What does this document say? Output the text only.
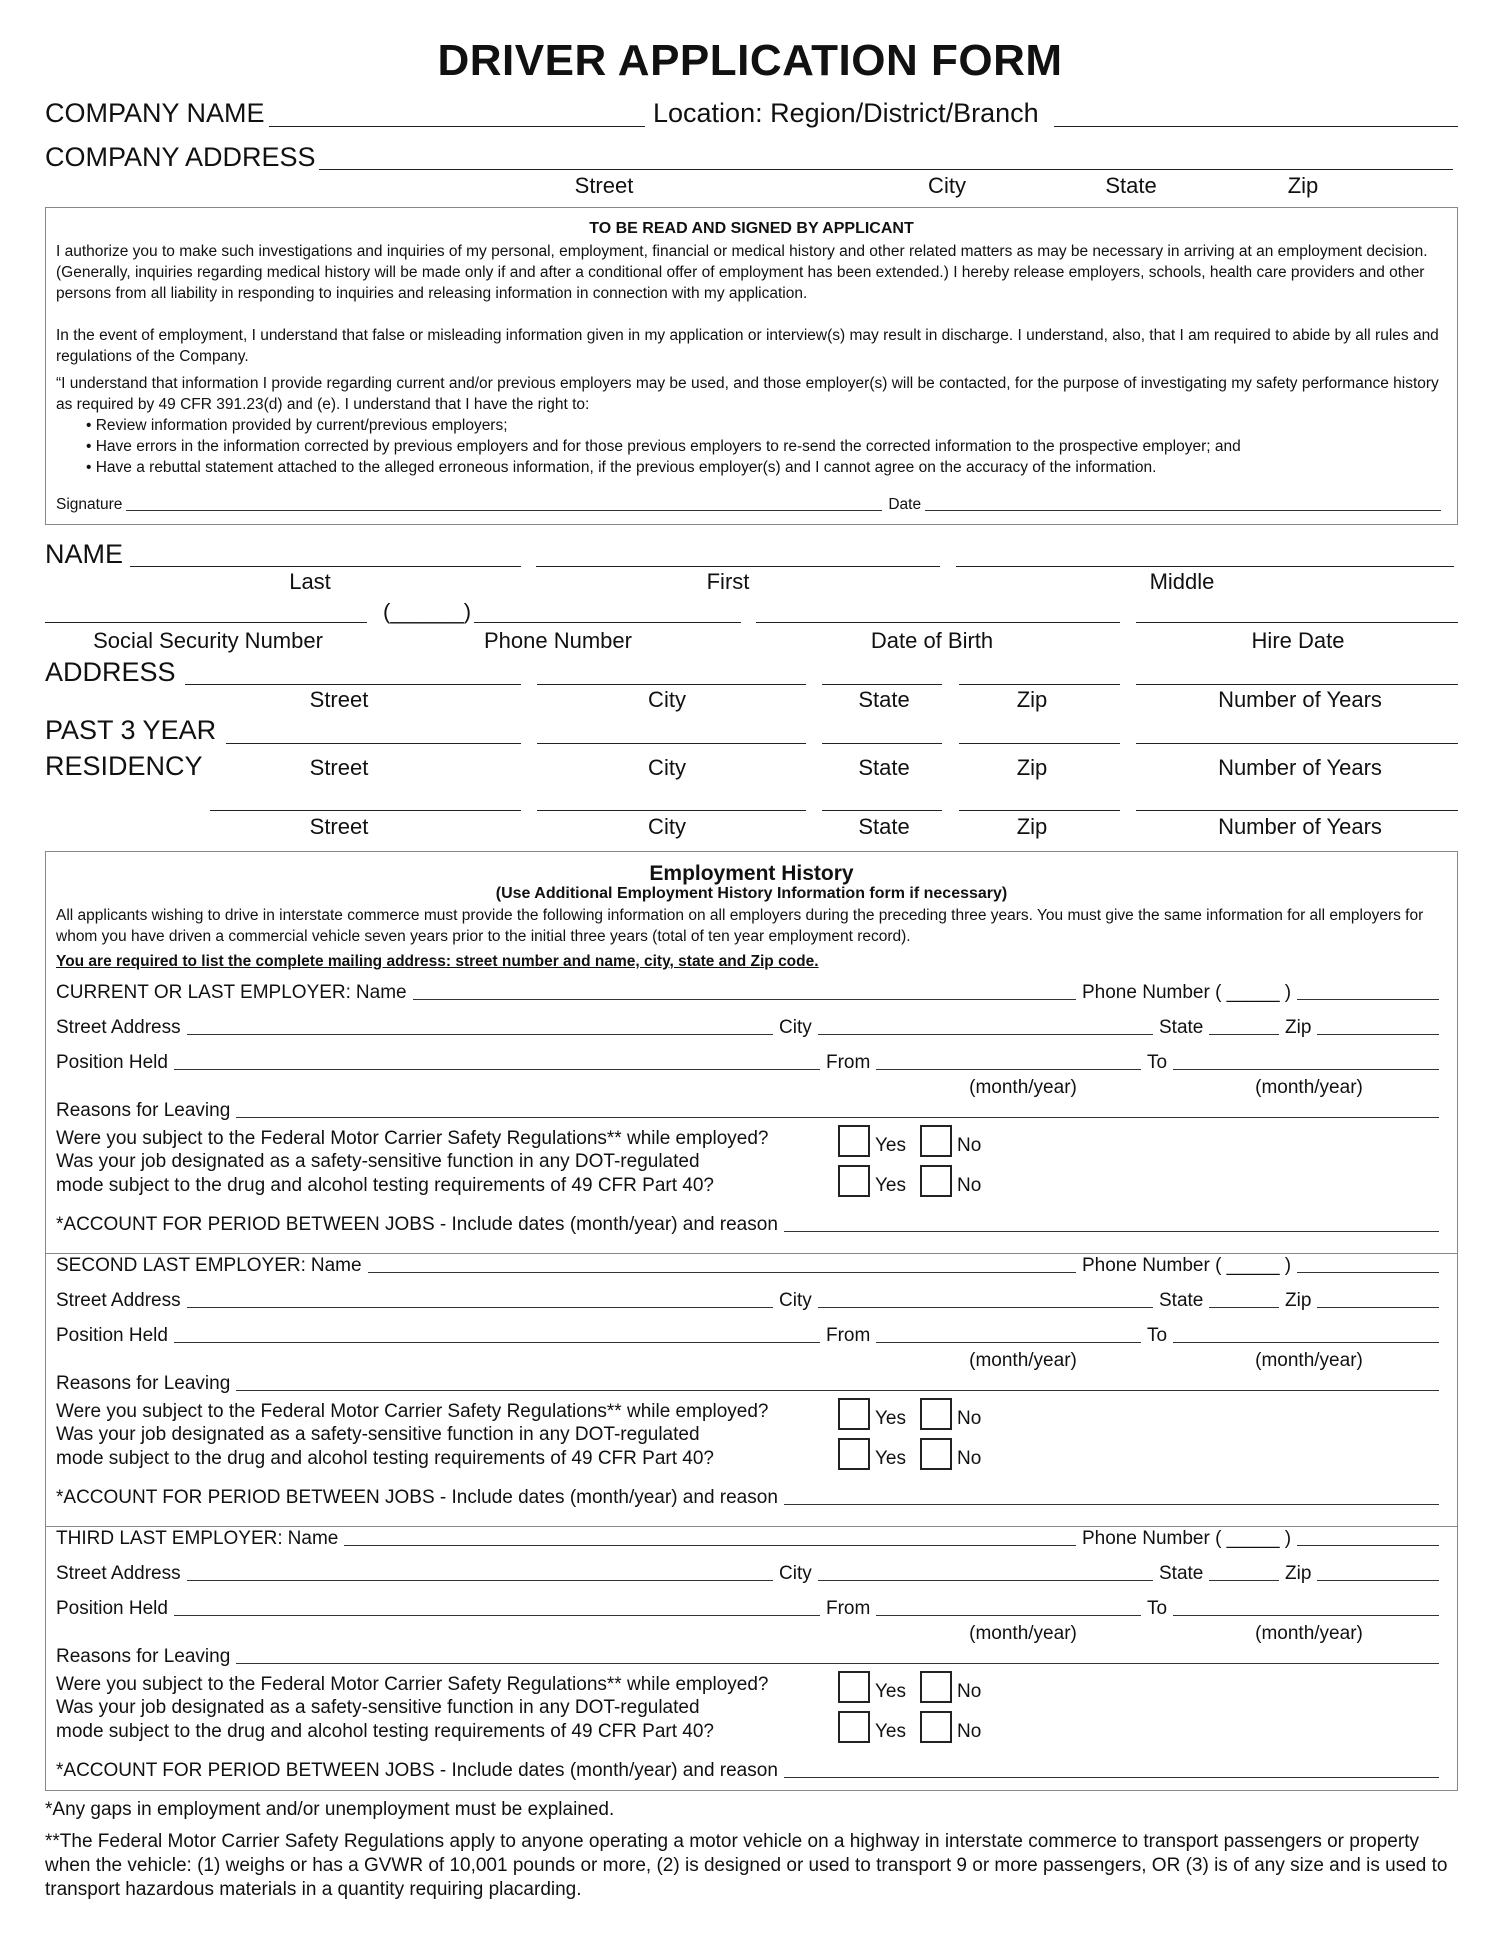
DRIVER APPLICATION FORM
COMPANY NAME	Location: Region/District/Branch
COMPANY ADDRESS
Street	City	State	Zip
TO BE READ AND SIGNED BY APPLICANT

I authorize you to make such investigations and inquiries of my personal, employment, financial or medical history and other related matters as may be necessary in arriving at an employment decision. (Generally, inquiries regarding medical history will be made only if and after a conditional offer of employment has been extended.) I hereby release employers, schools, health care providers and other persons from all liability in responding to inquiries and releasing information in connection with my application.

In the event of employment, I understand that false or misleading information given in my application or interview(s) may result in discharge. I understand, also, that I am required to abide by all rules and regulations of the Company.

“I understand that information I provide regarding current and/or previous employers may be used, and those employer(s) will be contacted, for the purpose of investigating my safety performance history as required by 49 CFR 391.23(d) and (e). I understand that I have the right to:

• Review information provided by current/previous employers;
• Have errors in the information corrected by previous employers and for those previous employers to re-send the corrected information to the prospective employer; and
• Have a rebuttal statement attached to the alleged erroneous information, if the previous employer(s) and I cannot agree on the accuracy of the information.
Signature	Date
NAME
Last	First	Middle
(______)
Social Security Number	Phone Number	Date of Birth	Hire Date
ADDRESS
PAST 3 YEAR
RESIDENCY
Street	City	State	Zip	Number of Years
Street	City	State	Zip	Number of Years
Street	City	State	Zip	Number of Years
Employment History
(Use Additional Employment History Information form if necessary)
All applicants wishing to drive in interstate commerce must provide the following information on all employers during the preceding three years. You must give the same information for all employers for whom you have driven a commercial vehicle seven years prior to the initial three years (total of ten year employment record).
You are required to list the complete mailing address: street number and name, city, state and Zip code.
CURRENT OR LAST EMPLOYER: Name	Phone Number ( _____ )
Street Address	City	State	Zip
Position Held	From	To
(month/year)	(month/year)
Reasons for Leaving
Were you subject to the Federal Motor Carrier Safety Regulations** while employed?
Was your job designated as a safety-sensitive function in any DOT-regulated
mode subject to the drug and alcohol testing requirements of 49 CFR Part 40?
Yes	No
Yes	No
*ACCOUNT FOR PERIOD BETWEEN JOBS - Include dates (month/year) and reason
SECOND LAST EMPLOYER: Name	Phone Number ( _____ )
Street Address	City	State	Zip
Position Held	From	To
(month/year)	(month/year)
Reasons for Leaving
Were you subject to the Federal Motor Carrier Safety Regulations** while employed?
Was your job designated as a safety-sensitive function in any DOT-regulated
mode subject to the drug and alcohol testing requirements of 49 CFR Part 40?
Yes	No
Yes	No
*ACCOUNT FOR PERIOD BETWEEN JOBS - Include dates (month/year) and reason
THIRD LAST EMPLOYER: Name	Phone Number ( _____ )
Street Address	City	State	Zip
Position Held	From	To
(month/year)	(month/year)
Reasons for Leaving
Were you subject to the Federal Motor Carrier Safety Regulations** while employed?
Was your job designated as a safety-sensitive function in any DOT-regulated
mode subject to the drug and alcohol testing requirements of 49 CFR Part 40?
Yes	No
Yes	No
*ACCOUNT FOR PERIOD BETWEEN JOBS - Include dates (month/year) and reason
*Any gaps in employment and/or unemployment must be explained.
**The Federal Motor Carrier Safety Regulations apply to anyone operating a motor vehicle on a highway in interstate commerce to transport passengers or property when the vehicle: (1) weighs or has a GVWR of 10,001 pounds or more, (2) is designed or used to transport 9 or more passengers, OR (3) is of any size and is used to transport hazardous materials in a quantity requiring placarding.
